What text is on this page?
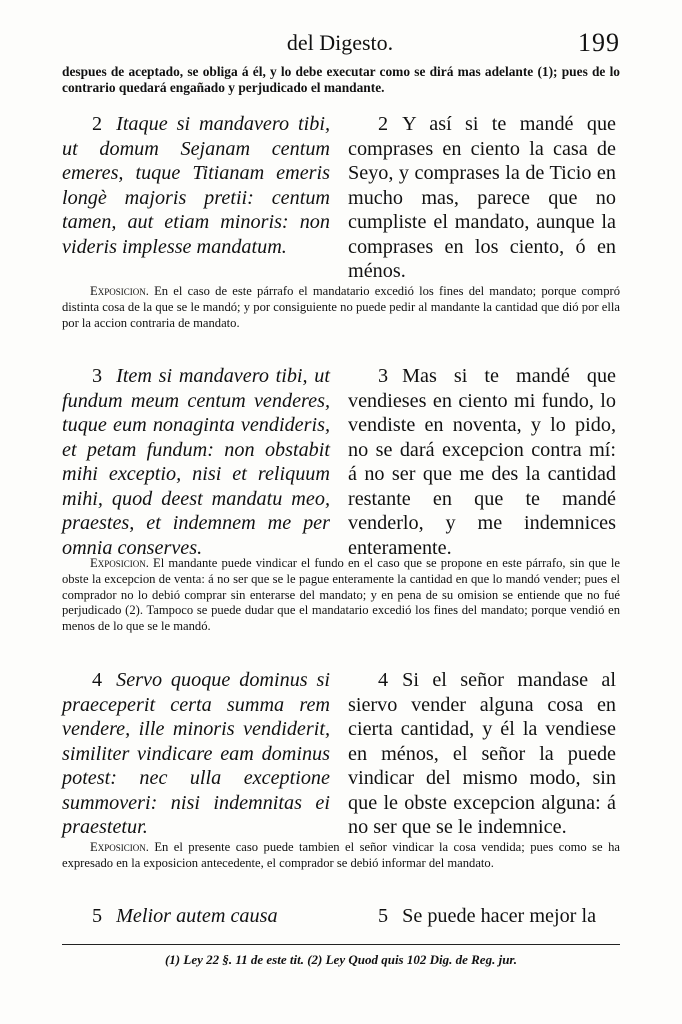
del Digesto.	199

despues de aceptado, se obliga á él, y lo debe executar como se dirá mas adelante (1); pues de lo contrario quedará engañado y perjudicado el mandante.

2 Itaque si mandavero tibi, ut domum Sejanam centum emeres, tuque Titianam emeris longè majoris pretii: centum tamen, aut etiam minoris: non videris implesse mandatum.

2 Y así si te mandé que comprases en ciento la casa de Seyo, y comprases la de Ticio en mucho mas, parece que no cumpliste el mandato, aunque la comprases en los ciento, ó en ménos.

Exposicion. En el caso de este párrafo el mandatario excedió los fines del mandato; porque compró distinta cosa de la que se le mandó; y por consiguiente no puede pedir al mandante la cantidad que dió por ella por la accion contraria de mandato.

3 Item si mandavero tibi, ut fundum meum centum venderes, tuque eum nonaginta vendideris, et petam fundum: non obstabit mihi exceptio, nisi et reliquum mihi, quod deest mandatu meo, praestes, et indemnem me per omnia conserves.

3 Mas si te mandé que vendieses en ciento mi fundo, lo vendiste en noventa, y lo pido, no se dará excepcion contra mí: á no ser que me des la cantidad restante en que te mandé venderlo, y me indemnices enteramente.

Exposicion. El mandante puede vindicar el fundo en el caso que se propone en este párrafo, sin que le obste la excepcion de venta: á no ser que se le pague enteramente la cantidad en que lo mandó vender; pues el comprador no lo debió comprar sin enterarse del mandato; y en pena de su omision se entiende que no fué perjudicado (2). Tampoco se puede dudar que el mandatario excedió los fines del mandato; porque vendió en menos de lo que se le mandó.

4 Servo quoque dominus si praeceperit certa summa rem vendere, ille minoris vendiderit, similiter vindicare eam dominus potest: nec ulla exceptione summoveri: nisi indemnitas ei praestetur.

4 Si el señor mandase al siervo vender alguna cosa en cierta cantidad, y él la vendiese en ménos, el señor la puede vindicar del mismo modo, sin que le obste excepcion alguna: á no ser que se le indemnice.

Exposicion. En el presente caso puede tambien el señor vindicar la cosa vendida; pues como se ha expresado en la exposicion antecedente, el comprador se debió informar del mandato.

5 Melior autem causa	5 Se puede hacer mejor la

(1) Ley 22 §. 11 de este tit. (2) Ley Quod quis 102 Dig. de Reg. jur.
